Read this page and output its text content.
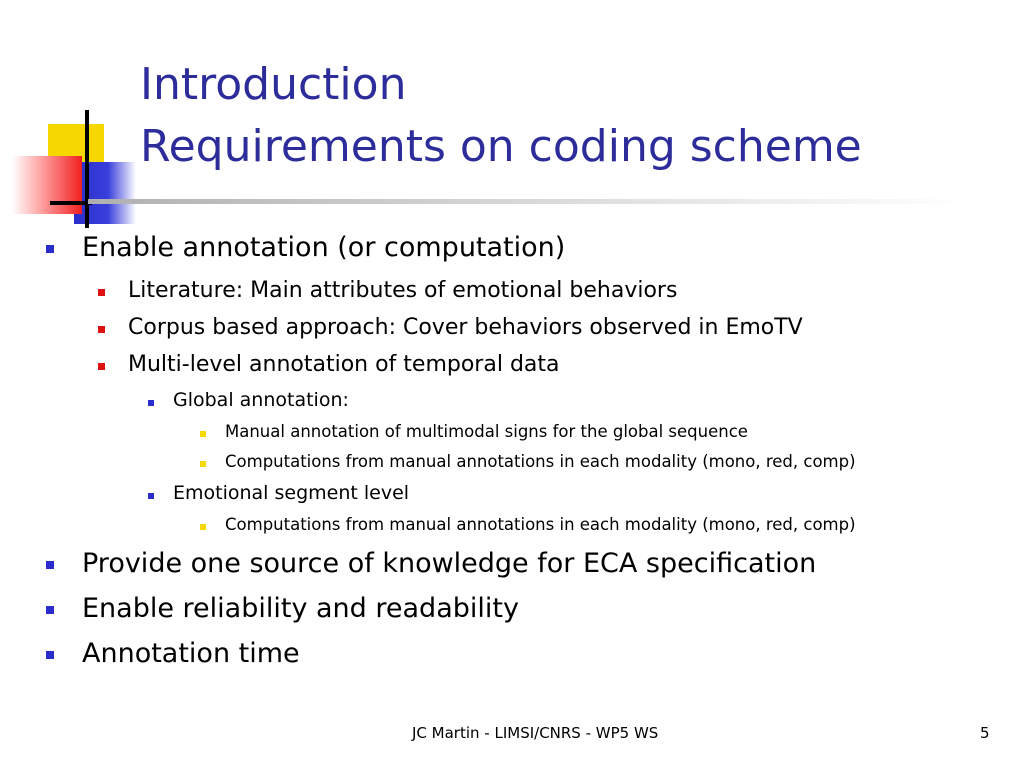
Introduction
Requirements on coding scheme
Enable annotation (or computation)
Literature: Main attributes of emotional behaviors
Corpus based approach: Cover behaviors observed in EmoTV
Multi-level annotation of temporal data
Global annotation:
Manual annotation of multimodal signs for the global sequence
Computations from manual annotations in each modality (mono, red, comp)
Emotional segment level
Computations from manual annotations in each modality (mono, red, comp)
Provide one source of knowledge for ECA specification
Enable reliability and readability
Annotation time
JC Martin - LIMSI/CNRS - WP5 WS	5
